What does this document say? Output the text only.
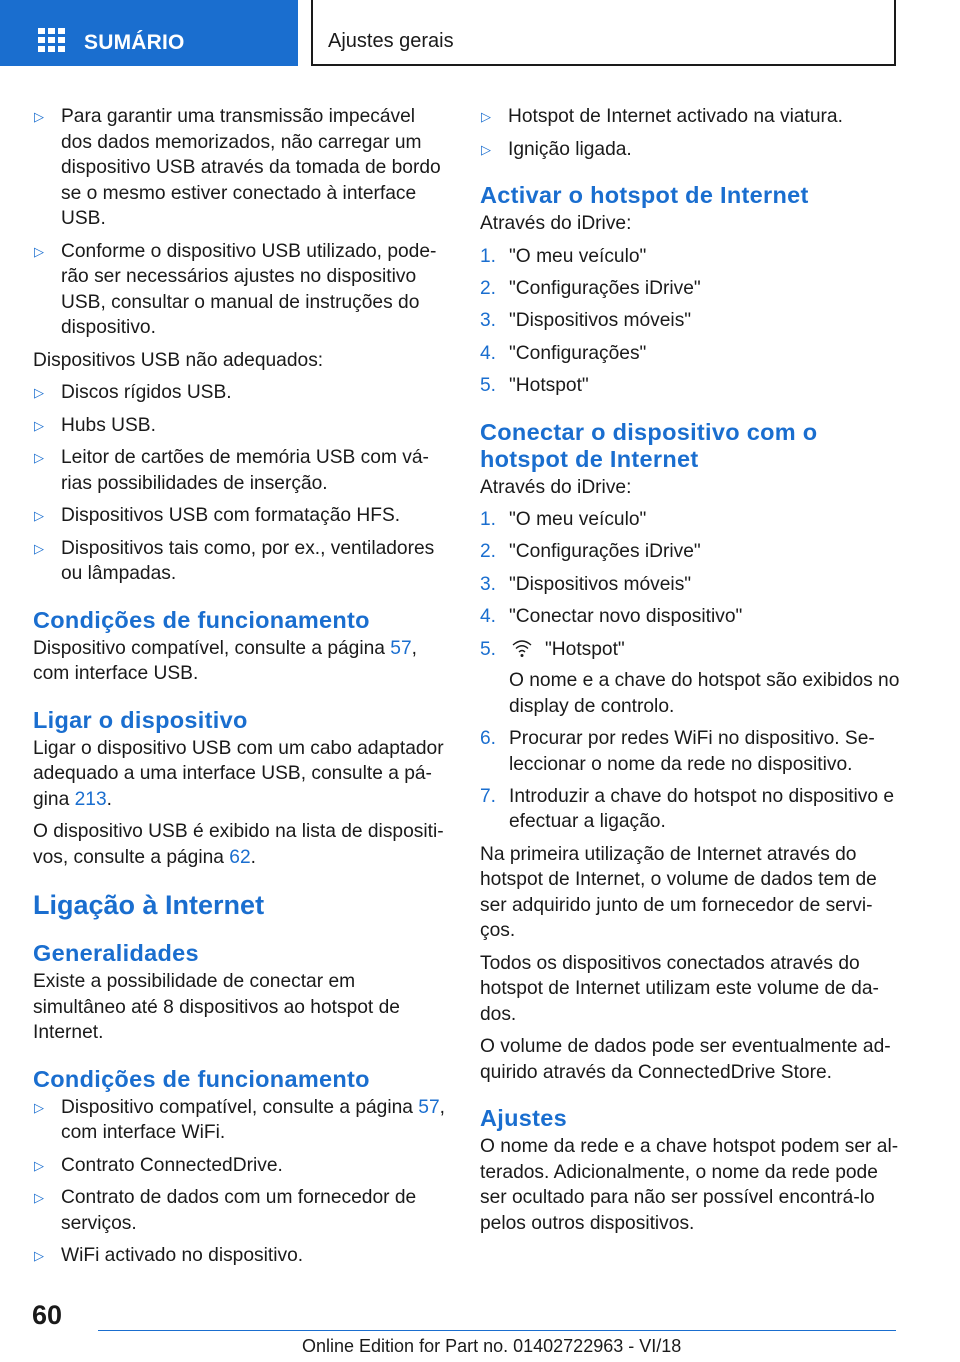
SUMÁRIO	Ajustes gerais
▷ Para garantir uma transmissão impecável dos dados memorizados, não carregar um dispositivo USB através da tomada de bordo se o mesmo estiver conectado à interface USB.
▷ Conforme o dispositivo USB utilizado, poderão ser necessários ajustes no dispositivo USB, consultar o manual de instruções do dispositivo.

Dispositivos USB não adequados:

▷ Discos rígidos USB.
▷ Hubs USB.
▷ Leitor de cartões de memória USB com várias possibilidades de inserção.
▷ Dispositivos USB com formatação HFS.
▷ Dispositivos tais como, por ex., ventiladores ou lâmpadas.
Condições de funcionamento

Dispositivo compatível, consulte a página 57, com interface USB.

Ligar o dispositivo

Ligar o dispositivo USB com um cabo adaptador adequado a uma interface USB, consulte a página 213.

O dispositivo USB é exibido na lista de dispositivos, consulte a página 62.

Ligação à Internet
Generalidades

Existe a possibilidade de conectar em simultâneo até 8 dispositivos ao hotspot de Internet.

Condições de funcionamento
▷ Dispositivo compatível, consulte a página 57, com interface WiFi.
▷ Contrato ConnectedDrive.
▷ Contrato de dados com um fornecedor de serviços.
▷ WiFi activado no dispositivo.
▷ Hotspot de Internet activado na viatura.
▷ Ignição ligada.
Activar o hotspot de Internet

Através do iDrive:

1. "O meu veículo"
2. "Configurações iDrive"
3. "Dispositivos móveis"
4. "Configurações"
5. "Hotspot"
Conectar o dispositivo com o hotspot de Internet

Através do iDrive:

1. "O meu veículo"
2. "Configurações iDrive"
3. "Dispositivos móveis"
4. "Conectar novo dispositivo"
5.	"Hotspot"
O nome e a chave do hotspot são exibidos no display de controlo.
6. Procurar por redes WiFi no dispositivo. Seleccionar o nome da rede no dispositivo.
7. Introduzir a chave do hotspot no dispositivo e efectuar a ligação.

Na primeira utilização de Internet através do hotspot de Internet, o volume de dados tem de ser adquirido junto de um fornecedor de serviços.

Todos os dispositivos conectados através do hotspot de Internet utilizam este volume de dados.

O volume de dados pode ser eventualmente adquirido através da ConnectedDrive Store.

Ajustes

O nome da rede e a chave hotspot podem ser alterados. Adicionalmente, o nome da rede pode ser ocultado para não ser possível encontrá-lo pelos outros dispositivos.

60
Online Edition for Part no. 01402722963 - VI/18
